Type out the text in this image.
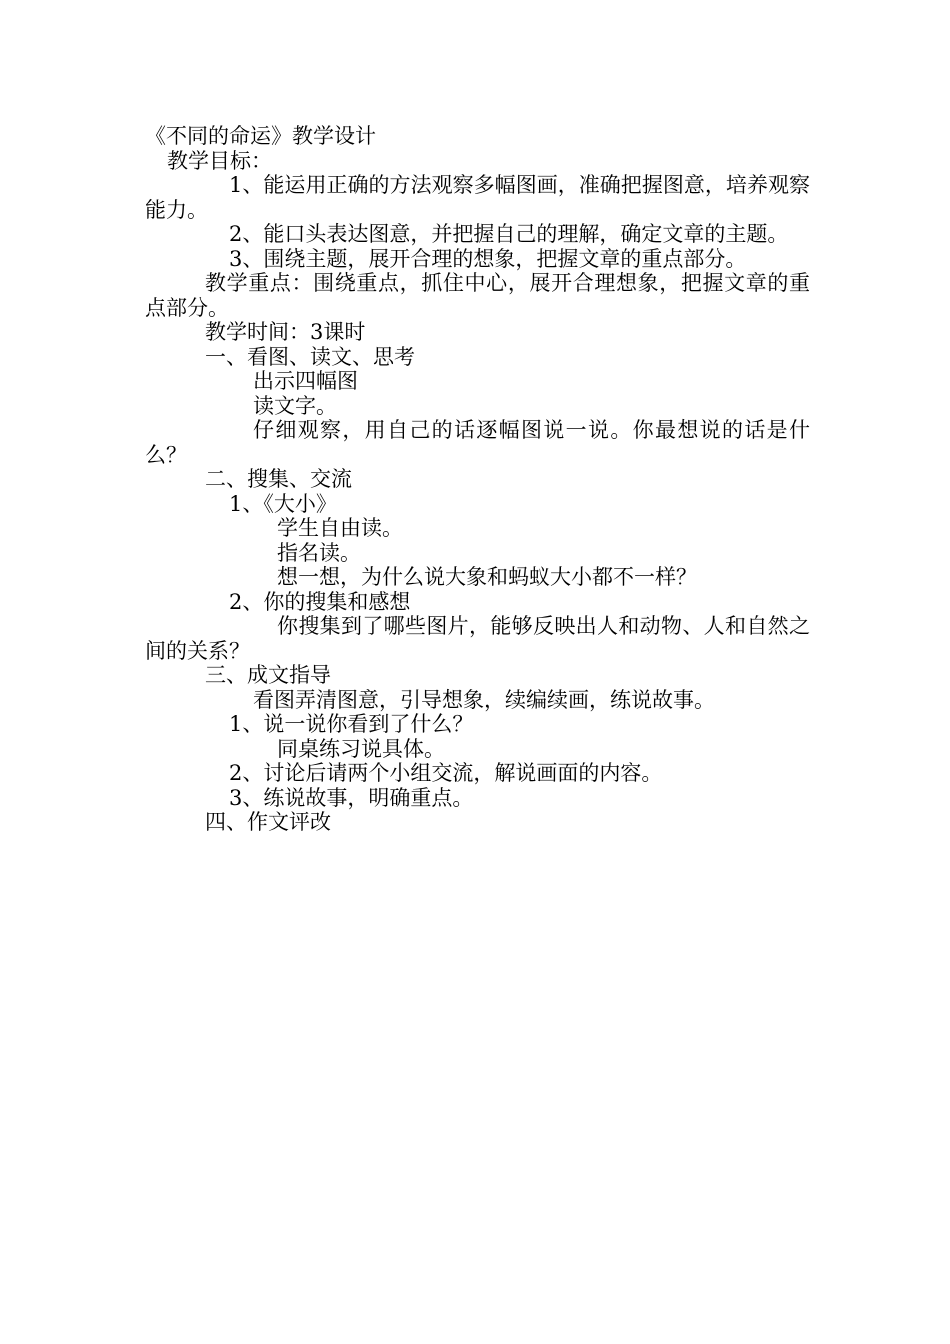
《不同的命运》教学设计

教学目标：

1、能运用正确的方法观察多幅图画，准确把握图意，培养观察能力。

2、能口头表达图意，并把握自己的理解，确定文章的主题。

3、围绕主题，展开合理的想象，把握文章的重点部分。

教学重点：围绕重点，抓住中心，展开合理想象，把握文章的重点部分。

教学时间：3课时

一、看图、读文、思考

出示四幅图

读文字。

仔细观察，用自己的话逐幅图说一说。你最想说的话是什么？

二、搜集、交流

1、《大小》

学生自由读。

指名读。

想一想，为什么说大象和蚂蚁大小都不一样？

2、你的搜集和感想

你搜集到了哪些图片，能够反映出人和动物、人和自然之间的关系？

三、成文指导

看图弄清图意，引导想象，续编续画，练说故事。

1、说一说你看到了什么？

同桌练习说具体。

2、讨论后请两个小组交流，解说画面的内容。

3、练说故事，明确重点。

四、作文评改
